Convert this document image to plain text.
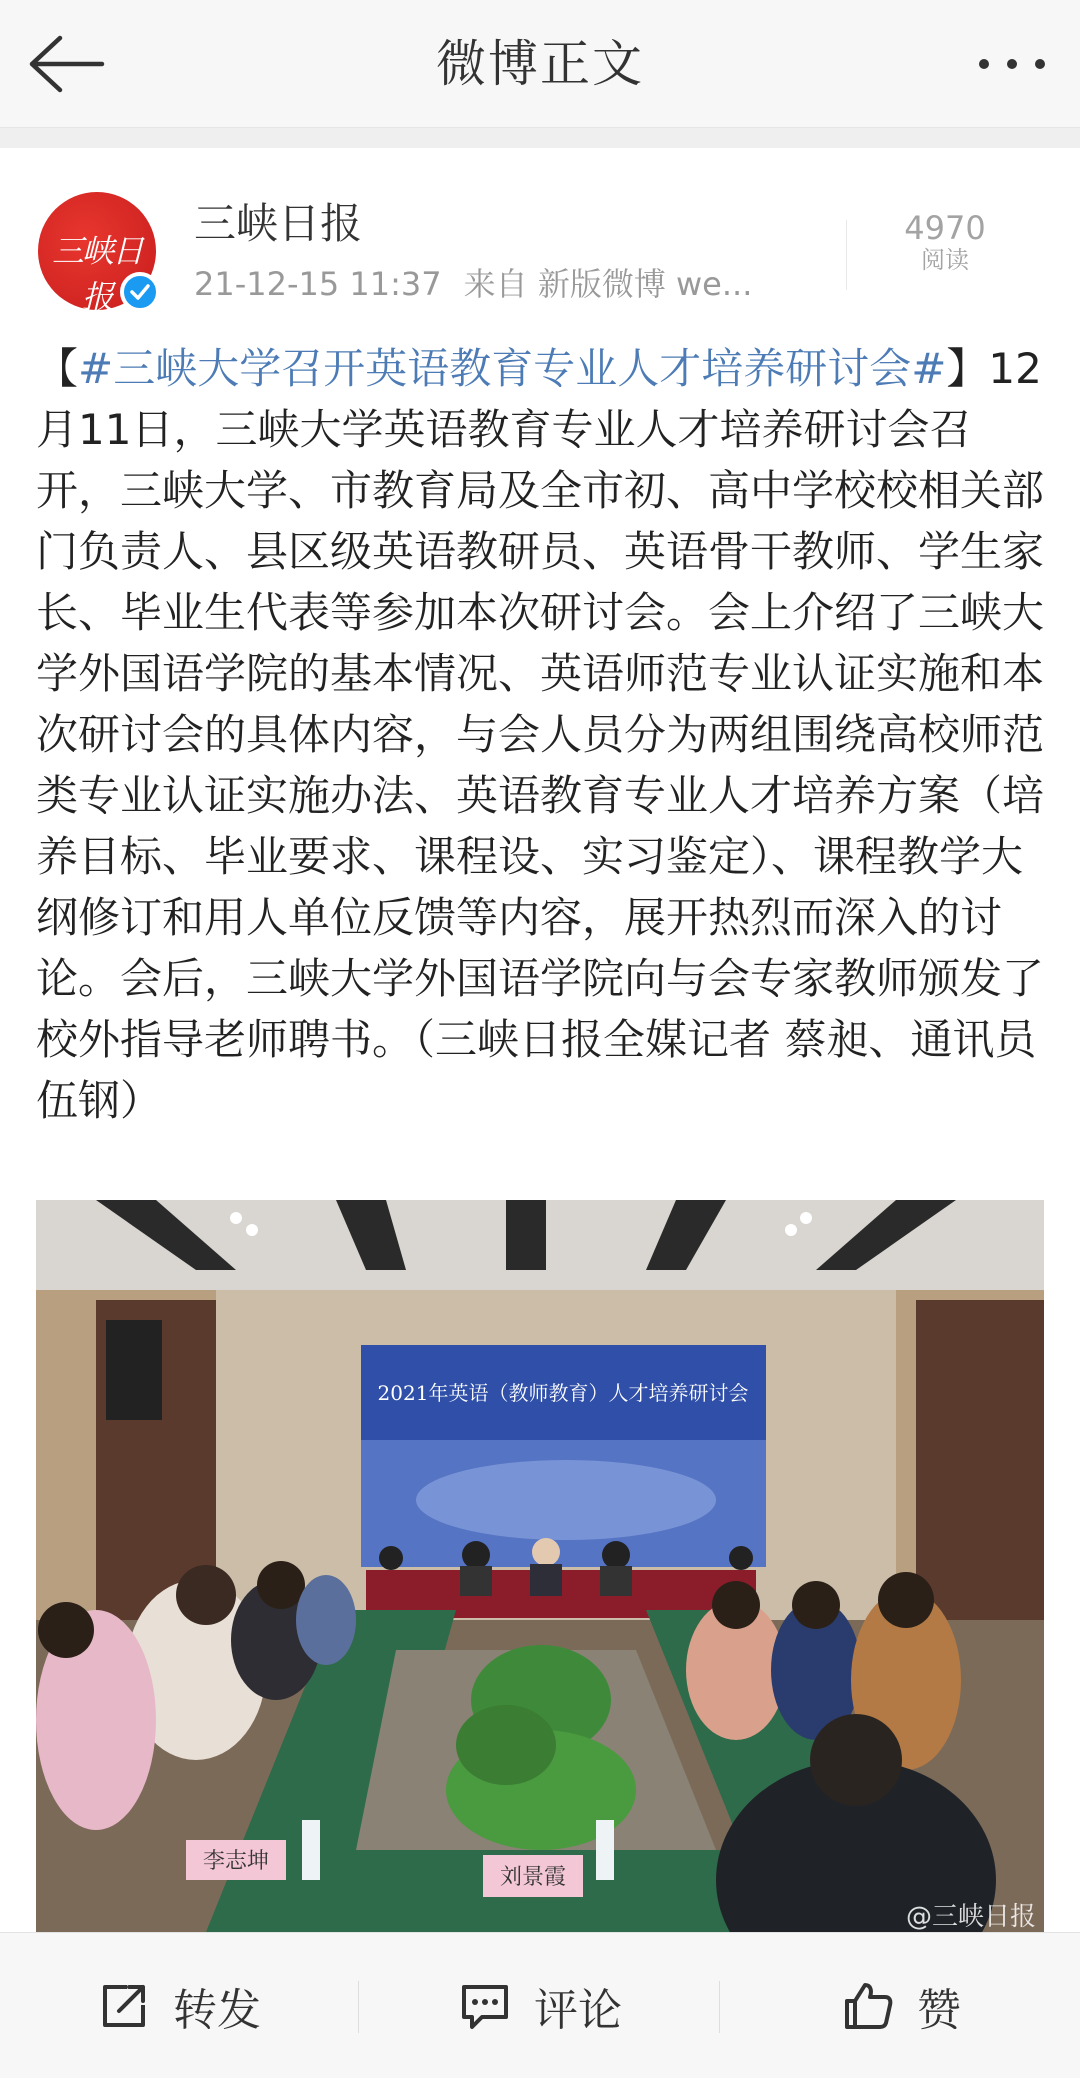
微博正文
三峡日报
三峡日报
21-12-15 11:37 来自 新版微博 we...
4970
阅读
【#三峡大学召开英语教育专业人才培养研讨会#】12月11日，三峡大学英语教育专业人才培养研讨会召开，三峡大学、市教育局及全市初、高中学校校相关部门负责人、县区级英语教研员、英语骨干教师、学生家长、毕业生代表等参加本次研讨会。会上介绍了三峡大学外国语学院的基本情况、英语师范专业认证实施和本次研讨会的具体内容，与会人员分为两组围绕高校师范类专业认证实施办法、英语教育专业人才培养方案（培养目标、毕业要求、课程设、实习鉴定）、课程教学大纲修订和用人单位反馈等内容，展开热烈而深入的讨论。会后，三峡大学外国语学院向与会专家教师颁发了校外指导老师聘书。（三峡日报全媒记者 蔡昶、通讯员 伍钢）
2021年英语（教师教育）人才培养研讨会
李志坤
刘景霞
@三峡日报
转发	评论	赞
